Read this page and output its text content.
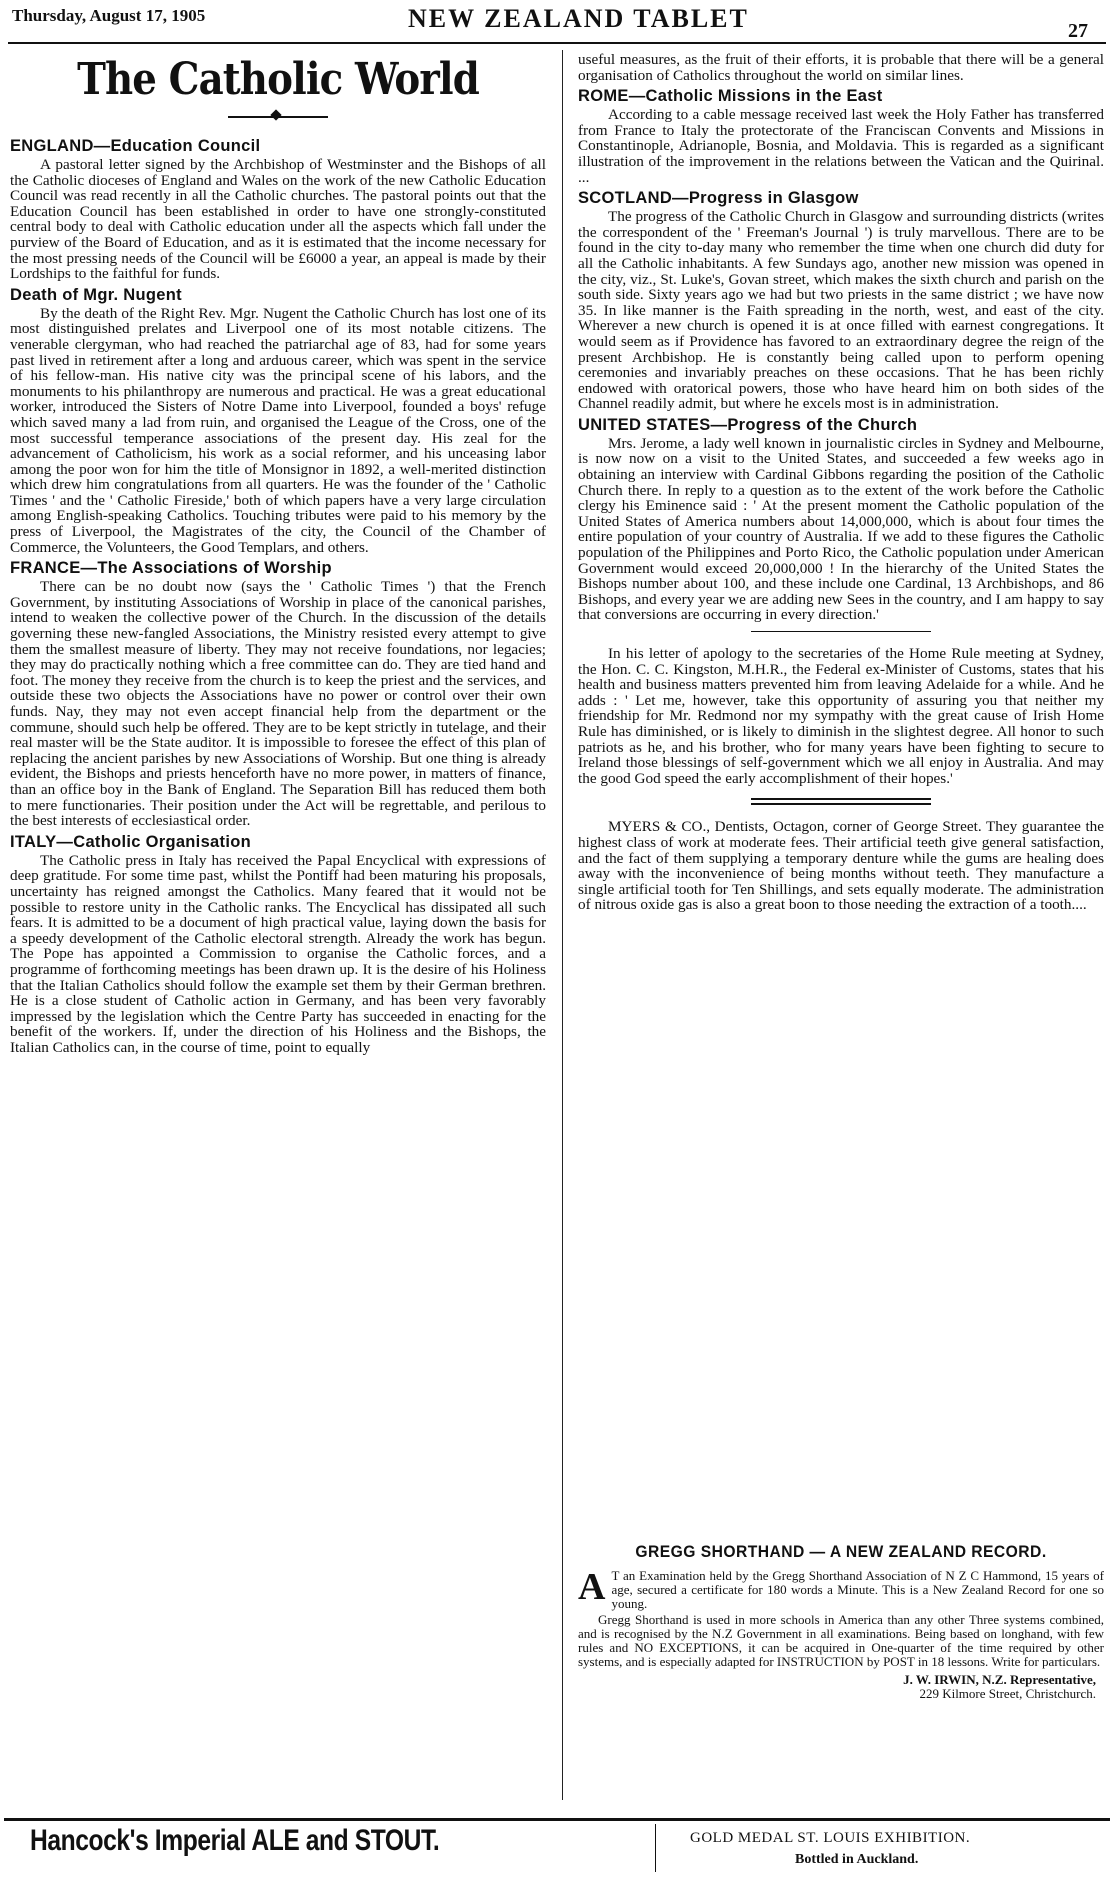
Thursday, August 17, 1905	NEW ZEALAND TABLET	27
The Catholic World
ENGLAND—Education Council

A pastoral letter signed by the Archbishop of Westminster and the Bishops of all the Catholic dioceses of England and Wales on the work of the new Catholic Education Council was read recently in all the Catholic churches. The pastoral points out that the Education Council has been established in order to have one strongly-constituted central body to deal with Catholic education under all the aspects which fall under the purview of the Board of Education, and as it is estimated that the income necessary for the most pressing needs of the Council will be £6000 a year, an appeal is made by their Lordships to the faithful for funds.

Death of Mgr. Nugent

By the death of the Right Rev. Mgr. Nugent the Catholic Church has lost one of its most distinguished prelates and Liverpool one of its most notable citizens. The venerable clergyman, who had reached the patriarchal age of 83, had for some years past lived in retirement after a long and arduous career, which was spent in the service of his fellow-man. His native city was the principal scene of his labors, and the monuments to his philanthropy are numerous and practical. He was a great educational worker, introduced the Sisters of Notre Dame into Liverpool, founded a boys' refuge which saved many a lad from ruin, and organised the League of the Cross, one of the most successful temperance associations of the present day. His zeal for the advancement of Catholicism, his work as a social reformer, and his unceasing labor among the poor won for him the title of Monsignor in 1892, a well-merited distinction which drew him congratulations from all quarters. He was the founder of the ' Catholic Times ' and the ' Catholic Fireside,' both of which papers have a very large circulation among English-speaking Catholics. Touching tributes were paid to his memory by the press of Liverpool, the Magistrates of the city, the Council of the Chamber of Commerce, the Volunteers, the Good Templars, and others.

FRANCE—The Associations of Worship

There can be no doubt now (says the ' Catholic Times ') that the French Government, by instituting Associations of Worship in place of the canonical parishes, intend to weaken the collective power of the Church. In the discussion of the details governing these new-fangled Associations, the Ministry resisted every attempt to give them the smallest measure of liberty. They may not receive foundations, nor legacies; they may do practically nothing which a free committee can do. They are tied hand and foot. The money they receive from the church is to keep the priest and the services, and outside these two objects the Associations have no power or control over their own funds. Nay, they may not even accept financial help from the department or the commune, should such help be offered. They are to be kept strictly in tutelage, and their real master will be the State auditor. It is impossible to foresee the effect of this plan of replacing the ancient parishes by new Associations of Worship. But one thing is already evident, the Bishops and priests henceforth have no more power, in matters of finance, than an office boy in the Bank of England. The Separation Bill has reduced them both to mere functionaries. Their position under the Act will be regrettable, and perilous to the best interests of ecclesiastical order.

ITALY—Catholic Organisation

The Catholic press in Italy has received the Papal Encyclical with expressions of deep gratitude. For some time past, whilst the Pontiff had been maturing his proposals, uncertainty has reigned amongst the Catholics. Many feared that it would not be possible to restore unity in the Catholic ranks. The Encyclical has dissipated all such fears. It is admitted to be a document of high practical value, laying down the basis for a speedy development of the Catholic electoral strength. Already the work has begun. The Pope has appointed a Commission to organise the Catholic forces, and a programme of forthcoming meetings has been drawn up. It is the desire of his Holiness that the Italian Catholics should follow the example set them by their German brethren. He is a close student of Catholic action in Germany, and has been very favorably impressed by the legislation which the Centre Party has succeeded in enacting for the benefit of the workers. If, under the direction of his Holiness and the Bishops, the Italian Catholics can, in the course of time, point to equally

useful measures, as the fruit of their efforts, it is probable that there will be a general organisation of Catholics throughout the world on similar lines.

ROME—Catholic Missions in the East

According to a cable message received last week the Holy Father has transferred from France to Italy the protectorate of the Franciscan Convents and Missions in Constantinople, Adrianople, Bosnia, and Moldavia. This is regarded as a significant illustration of the improvement in the relations between the Vatican and the Quirinal. ...

SCOTLAND—Progress in Glasgow

The progress of the Catholic Church in Glasgow and surrounding districts (writes the correspondent of the ' Freeman's Journal ') is truly marvellous. There are to be found in the city to-day many who remember the time when one church did duty for all the Catholic inhabitants. A few Sundays ago, another new mission was opened in the city, viz., St. Luke's, Govan street, which makes the sixth church and parish on the south side. Sixty years ago we had but two priests in the same district ; we have now 35. In like manner is the Faith spreading in the north, west, and east of the city. Wherever a new church is opened it is at once filled with earnest congregations. It would seem as if Providence has favored to an extraordinary degree the reign of the present Archbishop. He is constantly being called upon to perform opening ceremonies and invariably preaches on these occasions. That he has been richly endowed with oratorical powers, those who have heard him on both sides of the Channel readily admit, but where he excels most is in administration.

UNITED STATES—Progress of the Church

Mrs. Jerome, a lady well known in journalistic circles in Sydney and Melbourne, is now now on a visit to the United States, and succeeded a few weeks ago in obtaining an interview with Cardinal Gibbons regarding the position of the Catholic Church there. In reply to a question as to the extent of the work before the Catholic clergy his Eminence said : ' At the present moment the Catholic population of the United States of America numbers about 14,000,000, which is about four times the entire population of your country of Australia. If we add to these figures the Catholic population of the Philippines and Porto Rico, the Catholic population under American Government would exceed 20,000,000 ! In the hierarchy of the United States the Bishops number about 100, and these include one Cardinal, 13 Archbishops, and 86 Bishops, and every year we are adding new Sees in the country, and I am happy to say that conversions are occurring in every direction.'

In his letter of apology to the secretaries of the Home Rule meeting at Sydney, the Hon. C. C. Kingston, M.H.R., the Federal ex-Minister of Customs, states that his health and business matters prevented him from leaving Adelaide for a while. And he adds : ' Let me, however, take this opportunity of assuring you that neither my friendship for Mr. Redmond nor my sympathy with the great cause of Irish Home Rule has diminished, or is likely to diminish in the slightest degree. All honor to such patriots as he, and his brother, who for many years have been fighting to secure to Ireland those blessings of self-government which we all enjoy in Australia. And may the good God speed the early accomplishment of their hopes.'

MYERS & CO., Dentists, Octagon, corner of George Street. They guarantee the highest class of work at moderate fees. Their artificial teeth give general satisfaction, and the fact of them supplying a temporary denture while the gums are healing does away with the inconvenience of being months without teeth. They manufacture a single artificial tooth for Ten Shillings, and sets equally moderate. The administration of nitrous oxide gas is also a great boon to those needing the extraction of a tooth....

GREGG SHORTHAND — A NEW ZEALAND RECORD.
A T an Examination held by the Gregg Shorthand Association of N Z C Hammond, 15 years of age, secured a certificate for 180 words a Minute. This is a New Zealand Record for one so young.
Gregg Shorthand is used in more schools in America than any other Three systems combined, and is recognised by the N.Z Government in all examinations. Being based on longhand, with few rules and NO EXCEPTIONS, it can be acquired in One-quarter of the time required by other systems, and is especially adapted for INSTRUCTION by POST in 18 lessons. Write for particulars.
J. W. IRWIN, N.Z. Representative,
229 Kilmore Street, Christchurch.
Hancock's Imperial ALE and STOUT.	GOLD MEDAL ST. LOUIS EXHIBITION.
Bottled in Auckland.
